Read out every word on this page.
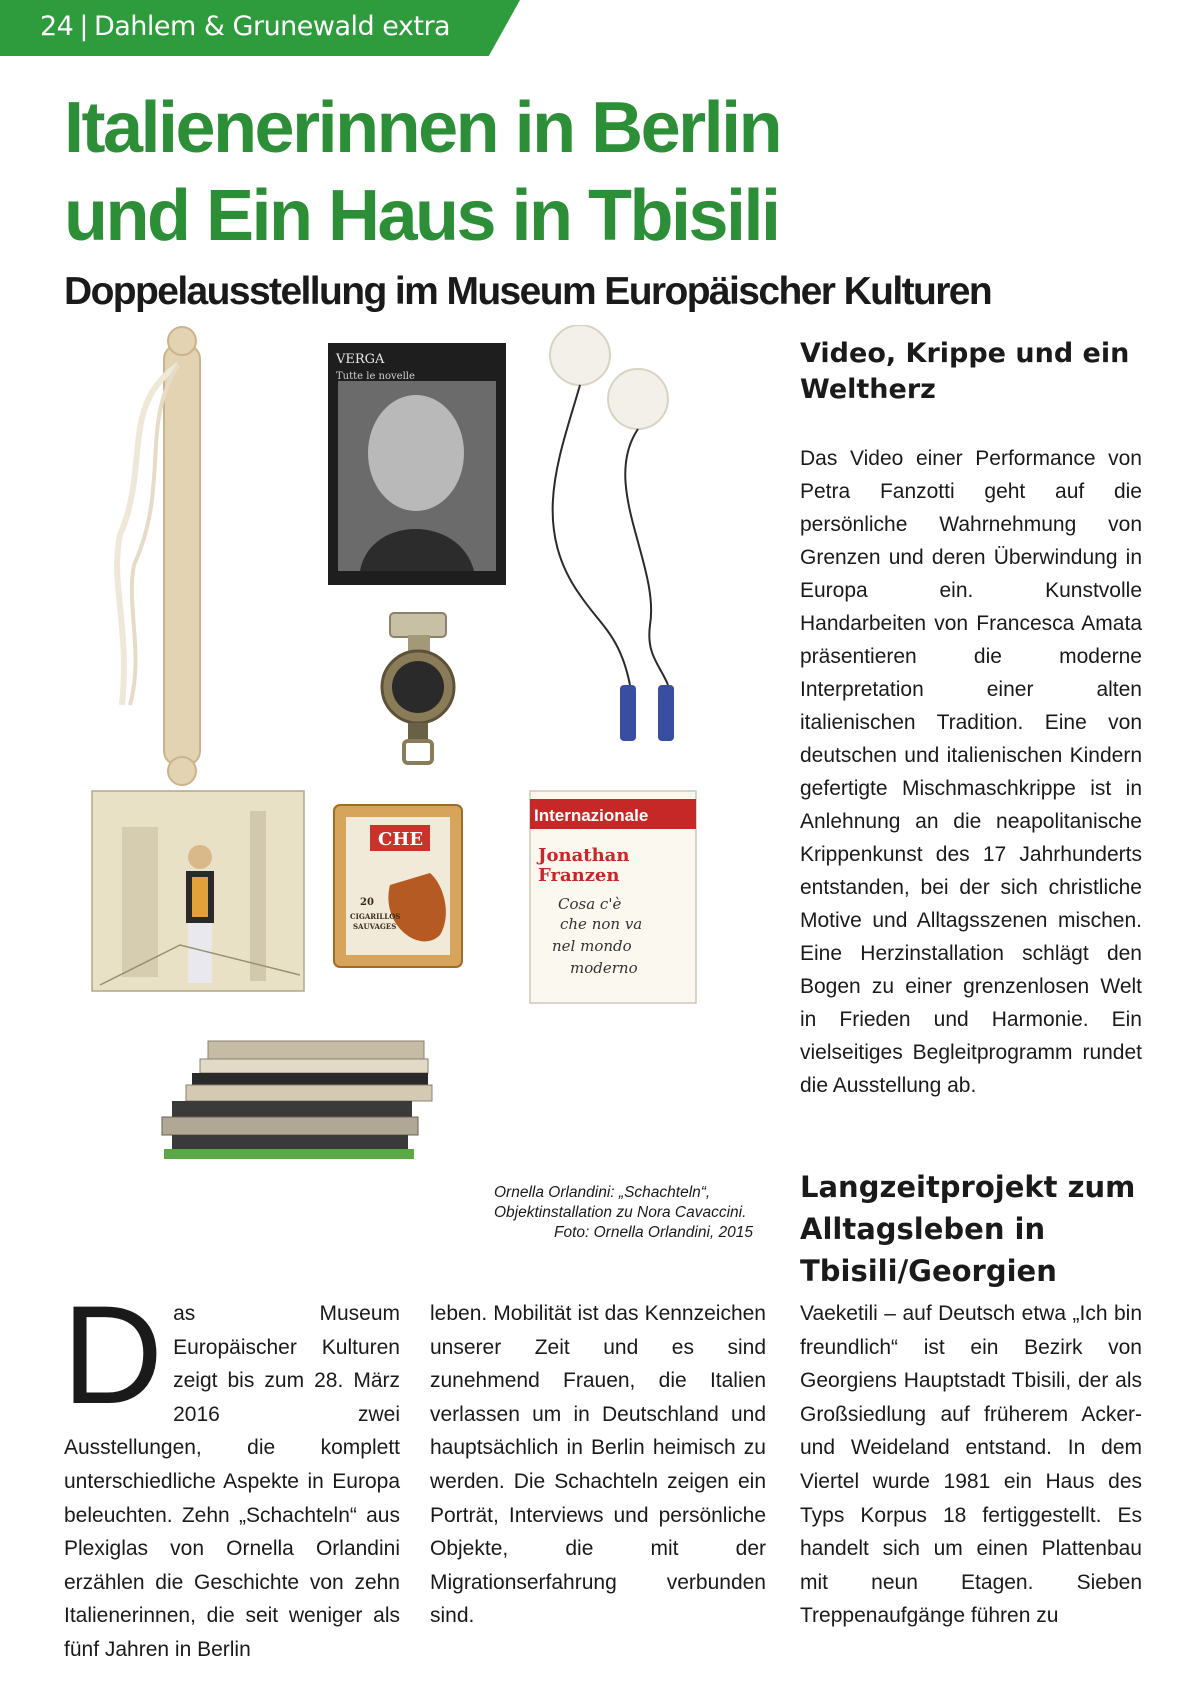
24 | Dahlem & Grunewald extra
Italienerinnen in Berlin
und Ein Haus in Tbisili
Doppelausstellung im Museum Europäischer Kulturen
VERGA
Tutte le novelle
CHE
20
CIGARILLOS
SAUVAGES
Internazionale
Jonathan
Franzen
Cosa c'è
che non va
nel mondo
moderno
Video, Krippe und ein Weltherz
Das Video einer Performance von Petra Fanzotti geht auf die persönliche Wahrnehmung von Grenzen und deren Überwindung in Europa ein. Kunstvolle Handarbeiten von Francesca Amata präsentieren die moderne Interpretation einer alten italienischen Tradition. Eine von deutschen und italienischen Kindern gefertigte Mischmaschkrippe ist in Anlehnung an die neapolitanische Krippenkunst des 17 Jahrhunderts entstanden, bei der sich christliche Motive und Alltagsszenen mischen. Eine Herzinstallation schlägt den Bogen zu einer grenzenlosen Welt in Frieden und Harmonie. Ein vielseitiges Begleitprogramm rundet die Ausstellung ab.
Ornella Orlandini: „Schachteln“, Objektinstallation zu Nora Cavaccini.
Foto: Ornella Orlandini, 2015
Langzeitprojekt zum Alltagsleben in Tbisili/Georgien
Das Museum Europäischer Kulturen zeigt bis zum 28. März 2016 zwei Ausstellungen, die komplett unterschiedliche Aspekte in Europa beleuchten. Zehn „Schachteln“ aus Plexiglas von Ornella Orlandini erzählen die Geschichte von zehn Italienerinnen, die seit weniger als fünf Jahren in Berlin
leben. Mobilität ist das Kennzeichen unserer Zeit und es sind zunehmend Frauen, die Italien verlassen um in Deutschland und hauptsächlich in Berlin heimisch zu werden. Die Schachteln zeigen ein Porträt, Interviews und persönliche Objekte, die mit der Migrationserfahrung verbunden sind.
Vaeketili – auf Deutsch etwa „Ich bin freundlich“ ist ein Bezirk von Georgiens Hauptstadt Tbisili, der als Großsiedlung auf früherem Acker- und Weideland entstand. In dem Viertel wurde 1981 ein Haus des Typs Korpus 18 fertiggestellt. Es handelt sich um einen Plattenbau mit neun Etagen. Sieben Treppenaufgänge führen zu
